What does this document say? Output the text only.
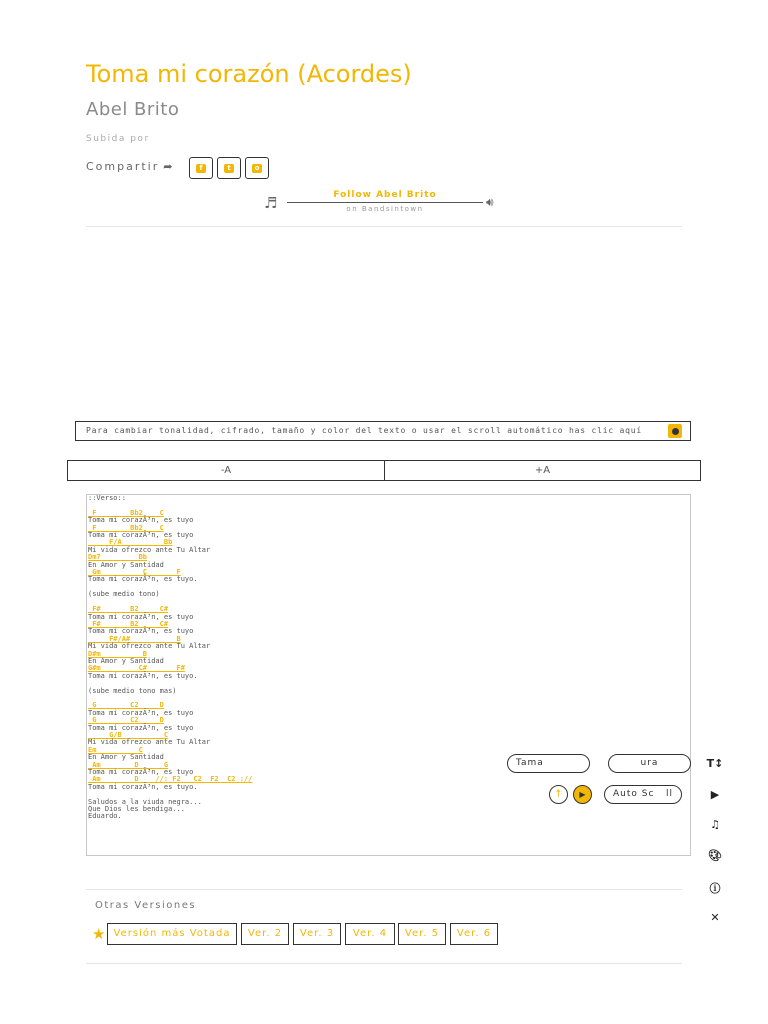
Toma mi corazón (Acordes)
Abel Brito
Subida por
Compartir ➦	f	t	o
♬	Follow Abel Brito
on Bandsintown	🔊︎
Para cambiar tonalidad, cifrado, tamaño y color del texto o usar el scroll automático has clic aquí
-A	+A
::Verso::

F        Bb2    C
Toma mi corazÃ³n, es tuyo
F        Bb2    C
Toma mi corazÃ³n, es tuyo
F/A          Bb
Mi vida ofrezco ante Tu Altar
Dm7         Bb
En Amor y Santidad
Gm          C       F
Toma mi corazÃ³n, es tuyo.

(sube medio tono)

F#       B2     C#
Toma mi corazÃ³n, es tuyo
F#       B2     C#
Toma mi corazÃ³n, es tuyo
F#/A#           B
Mi vida ofrezco ante Tu Altar
D#m          B
En Amor y Santidad
G#m         C#       F#
Toma mi corazÃ³n, es tuyo.

(sube medio tono mas)

G        C2     D
Toma mi corazÃ³n, es tuyo
G        C2     D
Toma mi corazÃ³n, es tuyo
G/B          C
Mi vida ofrezco ante Tu Altar
Em          C
En Amor y Santidad
Am        D      G
Toma mi corazÃ³n, es tuyo
Am        D    //: F2   C2  F2  C2 ://
Toma mi corazÃ³n, es tuyo.

Saludos a la viuda negra...
Que Dios les bendiga...
Eduardo.

Tama	ura
↑ ▶	Auto Sc ll
T↕
▶
♫
🎨︎
ⓘ
✕
Otras Versiones
★ Versión más Votada	Ver. 2	Ver. 3	Ver. 4	Ver. 5	Ver. 6
